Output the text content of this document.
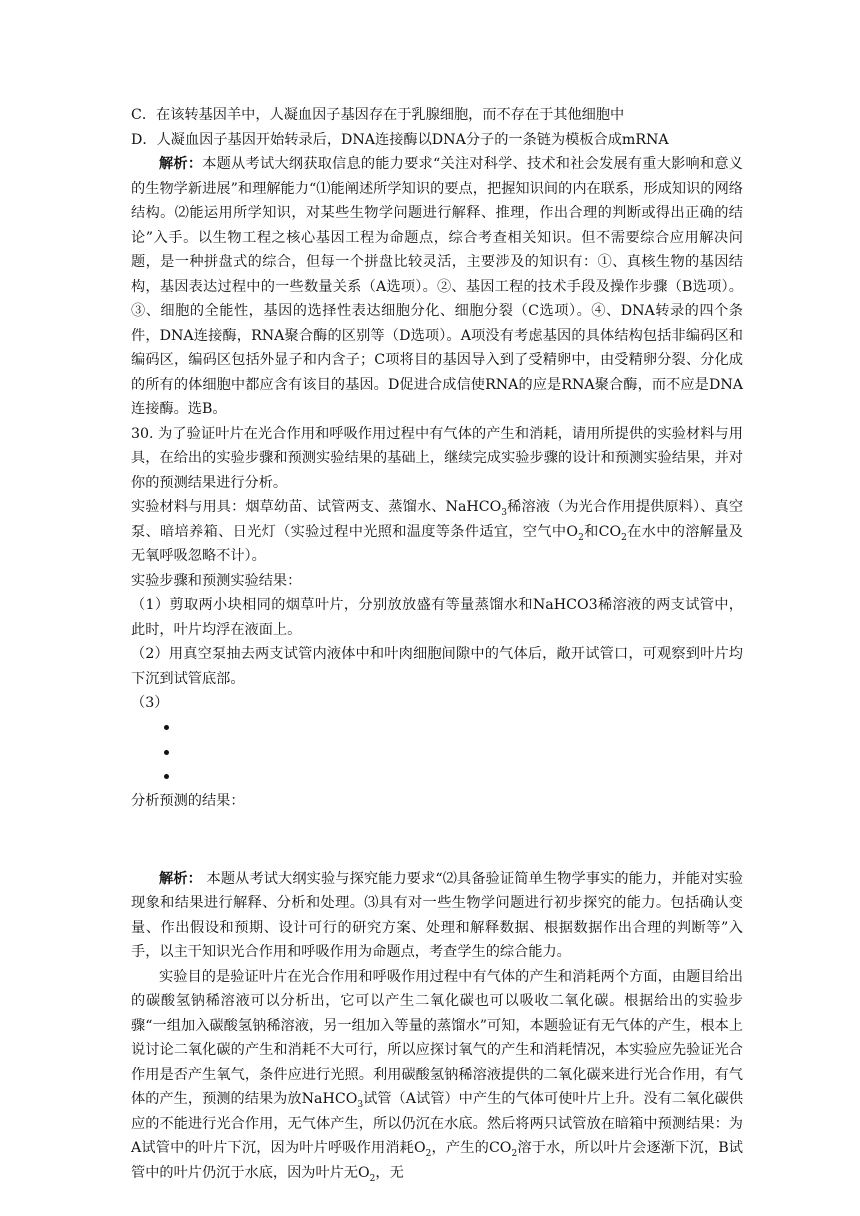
C．在该转基因羊中，人凝血因子基因存在于乳腺细胞，而不存在于其他细胞中

D．人凝血因子基因开始转录后，DNA连接酶以DNA分子的一条链为模板合成mRNA

解析：本题从考试大纲获取信息的能力要求“关注对科学、技术和社会发展有重大影响和意义的生物学新进展”和理解能力“⑴能阐述所学知识的要点，把握知识间的内在联系，形成知识的网络结构。⑵能运用所学知识，对某些生物学问题进行解释、推理，作出合理的判断或得出正确的结论”入手。以生物工程之核心基因工程为命题点，综合考查相关知识。但不需要综合应用解决问题，是一种拼盘式的综合，但每一个拼盘比较灵活，主要涉及的知识有：①、真核生物的基因结构，基因表达过程中的一些数量关系（A选项）。②、基因工程的技术手段及操作步骤（B选项）。③、细胞的全能性，基因的选择性表达细胞分化、细胞分裂（C选项）。④、DNA转录的四个条件，DNA连接酶，RNA聚合酶的区别等（D选项）。A项没有考虑基因的具体结构包括非编码区和编码区，编码区包括外显子和内含子；C项将目的基因导入到了受精卵中，由受精卵分裂、分化成的所有的体细胞中都应含有该目的基因。D促进合成信使RNA的应是RNA聚合酶，而不应是DNA连接酶。选B。

30. 为了验证叶片在光合作用和呼吸作用过程中有气体的产生和消耗，请用所提供的实验材料与用具，在给出的实验步骤和预测实验结果的基础上，继续完成实验步骤的设计和预测实验结果，并对你的预测结果进行分析。

实验材料与用具：烟草幼苗、试管两支、蒸馏水、NaHCO$_3$稀溶液（为光合作用提供原料）、真空泵、暗培养箱、日光灯（实验过程中光照和温度等条件适宜，空气中$O_2$和$CO_2$在水中的溶解量及无氧呼吸忽略不计）。

实验步骤和预测实验结果：

（1）剪取两小块相同的烟草叶片，分别放放盛有等量蒸馏水和NaHCO3稀溶液的两支试管中，此时，叶片均浮在液面上。

（2）用真空泵抽去两支试管内液体中和叶肉细胞间隙中的气体后，敞开试管口，可观察到叶片均下沉到试管底部。

（3）

分析预测的结果：

解析： 本题从考试大纲实验与探究能力要求“⑵具备验证简单生物学事实的能力，并能对实验现象和结果进行解释、分析和处理。⑶具有对一些生物学问题进行初步探究的能力。包括确认变量、作出假设和预期、设计可行的研究方案、处理和解释数据、根据数据作出合理的判断等”入手，以主干知识光合作用和呼吸作用为命题点，考查学生的综合能力。

实验目的是验证叶片在光合作用和呼吸作用过程中有气体的产生和消耗两个方面，由题目给出的碳酸氢钠稀溶液可以分析出，它可以产生二氧化碳也可以吸收二氧化碳。根据给出的实验步骤“一组加入碳酸氢钠稀溶液，另一组加入等量的蒸馏水”可知，本题验证有无气体的产生，根本上说讨论二氧化碳的产生和消耗不大可行，所以应探讨氧气的产生和消耗情况，本实验应先验证光合作用是否产生氧气，条件应进行光照。利用碳酸氢钠稀溶液提供的二氧化碳来进行光合作用，有气体的产生，预测的结果为放NaHCO$_3$试管（A试管）中产生的气体可使叶片上升。没有二氧化碳供应的不能进行光合作用，无气体产生，所以仍沉在水底。然后将两只试管放在暗箱中预测结果：为A试管中的叶片下沉，因为叶片呼吸作用消耗$O_2$，产生的$CO_2$溶于水，所以叶片会逐渐下沉，B试管中的叶片仍沉于水底，因为叶片无$O_2$，无
